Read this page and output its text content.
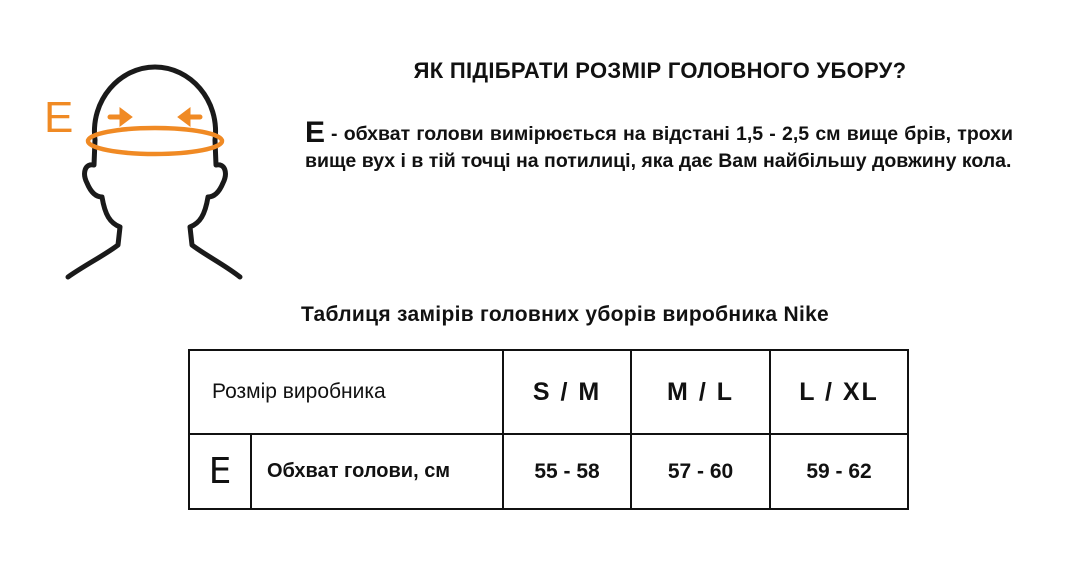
E
ЯК ПІДІБРАТИ РОЗМІР ГОЛОВНОГО УБОРУ?
E - обхват голови вимірюється на відстані 1,5 - 2,5 см вище брів, трохи вище вух і в тій точці на потилиці, яка дає Вам найбільшу довжину кола.
Таблиця замірів головних уборів виробника Nike
Розмір виробника		S / M	M / L	L / XL
E	Обхват голови, см	55 - 58	57 - 60	59 - 62
